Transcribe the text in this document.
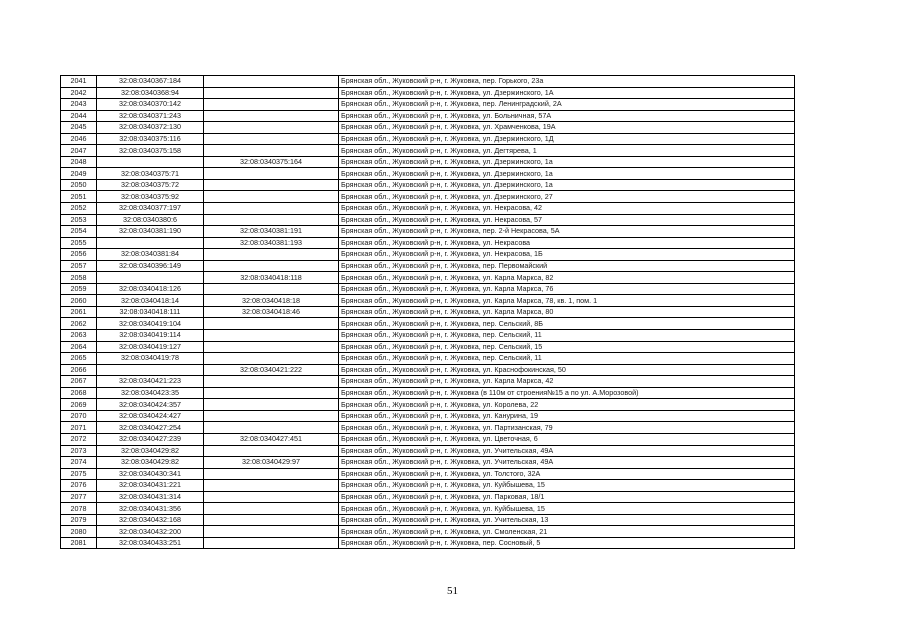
2041	32:08:0340367:184		Брянская обл., Жуковский р-н, г. Жуковка, пер. Горького, 23а
2042	32:08:0340368:94		Брянская обл., Жуковский р-н, г. Жуковка, ул. Дзержинского, 1А
2043	32:08:0340370:142		Брянская обл., Жуковский р-н, г. Жуковка, пер. Ленинградский, 2А
2044	32:08:0340371:243		Брянская обл., Жуковский р-н, г. Жуковка, ул. Больничная, 57А
2045	32:08:0340372:130		Брянская обл., Жуковский р-н, г. Жуковка, ул. Храмченкова, 19А
2046	32:08:0340375:116		Брянская обл., Жуковский р-н, г. Жуковка, ул. Дзержинского, 1Д
2047	32:08:0340375:158		Брянская обл., Жуковский р-н, г. Жуковка, ул. Дегтярева, 1
2048		32:08:0340375:164	Брянская обл., Жуковский р-н, г. Жуковка, ул. Дзержинского, 1а
2049	32:08:0340375:71		Брянская обл., Жуковский р-н, г. Жуковка, ул. Дзержинского, 1а
2050	32:08:0340375:72		Брянская обл., Жуковский р-н, г. Жуковка, ул. Дзержинского, 1а
2051	32:08:0340375:92		Брянская обл., Жуковский р-н, г. Жуковка, ул. Дзержинского, 27
2052	32:08:0340377:197		Брянская обл., Жуковский р-н, г. Жуковка, ул. Некрасова, 42
2053	32:08:0340380:6		Брянская обл., Жуковский р-н, г. Жуковка, ул. Некрасова, 57
2054	32:08:0340381:190	32:08:0340381:191	Брянская обл., Жуковский р-н, г. Жуковка, пер. 2-й Некрасова, 5А
2055		32:08:0340381:193	Брянская обл., Жуковский р-н, г. Жуковка, ул. Некрасова
2056	32:08:0340381:84		Брянская обл., Жуковский р-н, г. Жуковка, ул. Некрасова, 1Б
2057	32:08:0340396:149		Брянская обл., Жуковский р-н, г. Жуковка, пер. Первомайский
2058		32:08:0340418:118	Брянская обл., Жуковский р-н, г. Жуковка, ул. Карла Маркса, 82
2059	32:08:0340418:126		Брянская обл., Жуковский р-н, г. Жуковка, ул. Карла Маркса, 76
2060	32:08:0340418:14	32:08:0340418:18	Брянская обл., Жуковский р-н, г. Жуковка, ул. Карла Маркса, 78, кв. 1, пом. 1
2061	32:08:0340418:111	32:08:0340418:46	Брянская обл., Жуковский р-н, г. Жуковка, ул. Карла Маркса, 80
2062	32:08:0340419:104		Брянская обл., Жуковский р-н, г. Жуковка, пер. Сельский, 8Б
2063	32:08:0340419:114		Брянская обл., Жуковский р-н, г. Жуковка, пер. Сельский, 11
2064	32:08:0340419:127		Брянская обл., Жуковский р-н, г. Жуковка, пер. Сельский, 15
2065	32:08:0340419:78		Брянская обл., Жуковский р-н, г. Жуковка, пер. Сельский, 11
2066		32:08:0340421:222	Брянская обл., Жуковский р-н, г. Жуковка, ул. Краснофокинская, 50
2067	32:08:0340421:223		Брянская обл., Жуковский р-н, г. Жуковка, ул. Карла Маркса, 42
2068	32:08:0340423:35		Брянская обл., Жуковский р-н, г. Жуковка (в 110м от строения№15 а по ул. А.Морозовой)
2069	32:08:0340424:357		Брянская обл., Жуковский р-н, г. Жуковка, ул. Королева, 22
2070	32:08:0340424:427		Брянская обл., Жуковский р-н, г. Жуковка, ул. Канурина, 19
2071	32:08:0340427:254		Брянская обл., Жуковский р-н, г. Жуковка, ул. Партизанская, 79
2072	32:08:0340427:239	32:08:0340427:451	Брянская обл., Жуковский р-н, г. Жуковка, ул. Цветочная, 6
2073	32:08:0340429:82		Брянская обл., Жуковский р-н, г. Жуковка, ул. Учительская, 49А
2074	32:08:0340429:82	32:08:0340429:97	Брянская обл., Жуковский р-н, г. Жуковка, ул. Учительская, 49А
2075	32:08:0340430:341		Брянская обл., Жуковский р-н, г. Жуковка, ул. Толстого, 32А
2076	32:08:0340431:221		Брянская обл., Жуковский р-н, г. Жуковка, ул. Куйбышева, 15
2077	32:08:0340431:314		Брянская обл., Жуковский р-н, г. Жуковка, ул. Парковая, 18/1
2078	32:08:0340431:356		Брянская обл., Жуковский р-н, г. Жуковка, ул. Куйбышева, 15
2079	32:08:0340432:168		Брянская обл., Жуковский р-н, г. Жуковка, ул. Учительская, 13
2080	32:08:0340432:200		Брянская обл., Жуковский р-н, г. Жуковка, ул. Смоленская, 21
2081	32:08:0340433:251		Брянская обл., Жуковский р-н, г. Жуковка, пер. Сосновый, 5
51
